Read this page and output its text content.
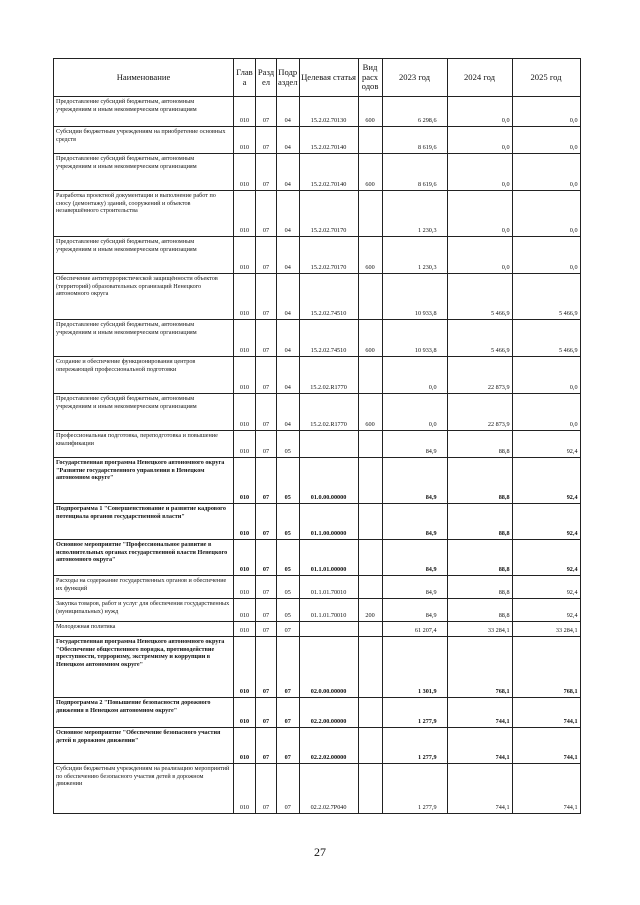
Наименование	Глав а	Разд ел	Подр аздел	Целевая статья	Вид расх одов	2023 год	2024 год	2025 год
Предоставление субсидий бюджетным, автономным учреждениям и иным некоммерческим организациям	010	07	04	15.2.02.70130	600	6 298,6	0,0	0,0
Субсидии бюджетным учреждениям на приобретение основных средств	010	07	04	15.2.02.70140		8 619,6	0,0	0,0
Предоставление субсидий бюджетным, автономным учреждениям и иным некоммерческим организациям	010	07	04	15.2.02.70140	600	8 619,6	0,0	0,0
Разработка проектной документации и выполнение работ по сносу (демонтажу) зданий, сооружений и объектов незавершённого строительства	010	07	04	15.2.02.70170		1 230,3	0,0	0,0
Предоставление субсидий бюджетным, автономным учреждениям и иным некоммерческим организациям	010	07	04	15.2.02.70170	600	1 230,3	0,0	0,0
Обеспечение антитеррористической защищённости объектов (территорий) образовательных организаций Ненецкого автономного округа	010	07	04	15.2.02.74510		10 933,8	5 466,9	5 466,9
Предоставление субсидий бюджетным, автономным учреждениям и иным некоммерческим организациям	010	07	04	15.2.02.74510	600	10 933,8	5 466,9	5 466,9
Создание и обеспечение функционирования центров опережающей профессиональной подготовки	010	07	04	15.2.02.R1770		0,0	22 873,9	0,0
Предоставление субсидий бюджетным, автономным учреждениям и иным некоммерческим организациям	010	07	04	15.2.02.R1770	600	0,0	22 873,9	0,0
Профессиональная подготовка, переподготовка и повышение квалификации	010	07	05			84,9	88,8	92,4
Государственная программа Ненецкого автономного округа "Развитие государственного управления в Ненецком автономном округе"	010	07	05	01.0.00.00000		84,9	88,8	92,4
Подпрограмма 1 "Совершенствование и развитие кадрового потенциала органов государственной власти"	010	07	05	01.1.00.00000		84,9	88,8	92,4
Основное мероприятие "Профессиональное развитие в исполнительных органах государственной власти Ненецкого автономного округа"	010	07	05	01.1.01.00000		84,9	88,8	92,4
Расходы на содержание государственных органов и обеспечение их функций	010	07	05	01.1.01.70010		84,9	88,8	92,4
Закупка товаров, работ и услуг для обеспечения государственных (муниципальных) нужд	010	07	05	01.1.01.70010	200	84,9	88,8	92,4
Молодежная политика	010	07	07			61 207,4	33 284,1	33 284,1
Государственная программа Ненецкого автономного округа "Обеспечение общественного порядка, противодействие преступности, терроризму, экстремизму и коррупции в Ненецком автономном округе"	010	07	07	02.0.00.00000		1 301,9	768,1	768,1
Подпрограмма 2 "Повышение безопасности дорожного движения в Ненецком автономном округе"	010	07	07	02.2.00.00000		1 277,9	744,1	744,1
Основное мероприятие "Обеспечение безопасного участия детей в дорожном движении"	010	07	07	02.2.02.00000		1 277,9	744,1	744,1
Субсидии бюджетным учреждениям на реализацию мероприятий по обеспечению безопасного участия детей в дорожном движении	010	07	07	02.2.02.7Р040		1 277,9	744,1	744,1
27
